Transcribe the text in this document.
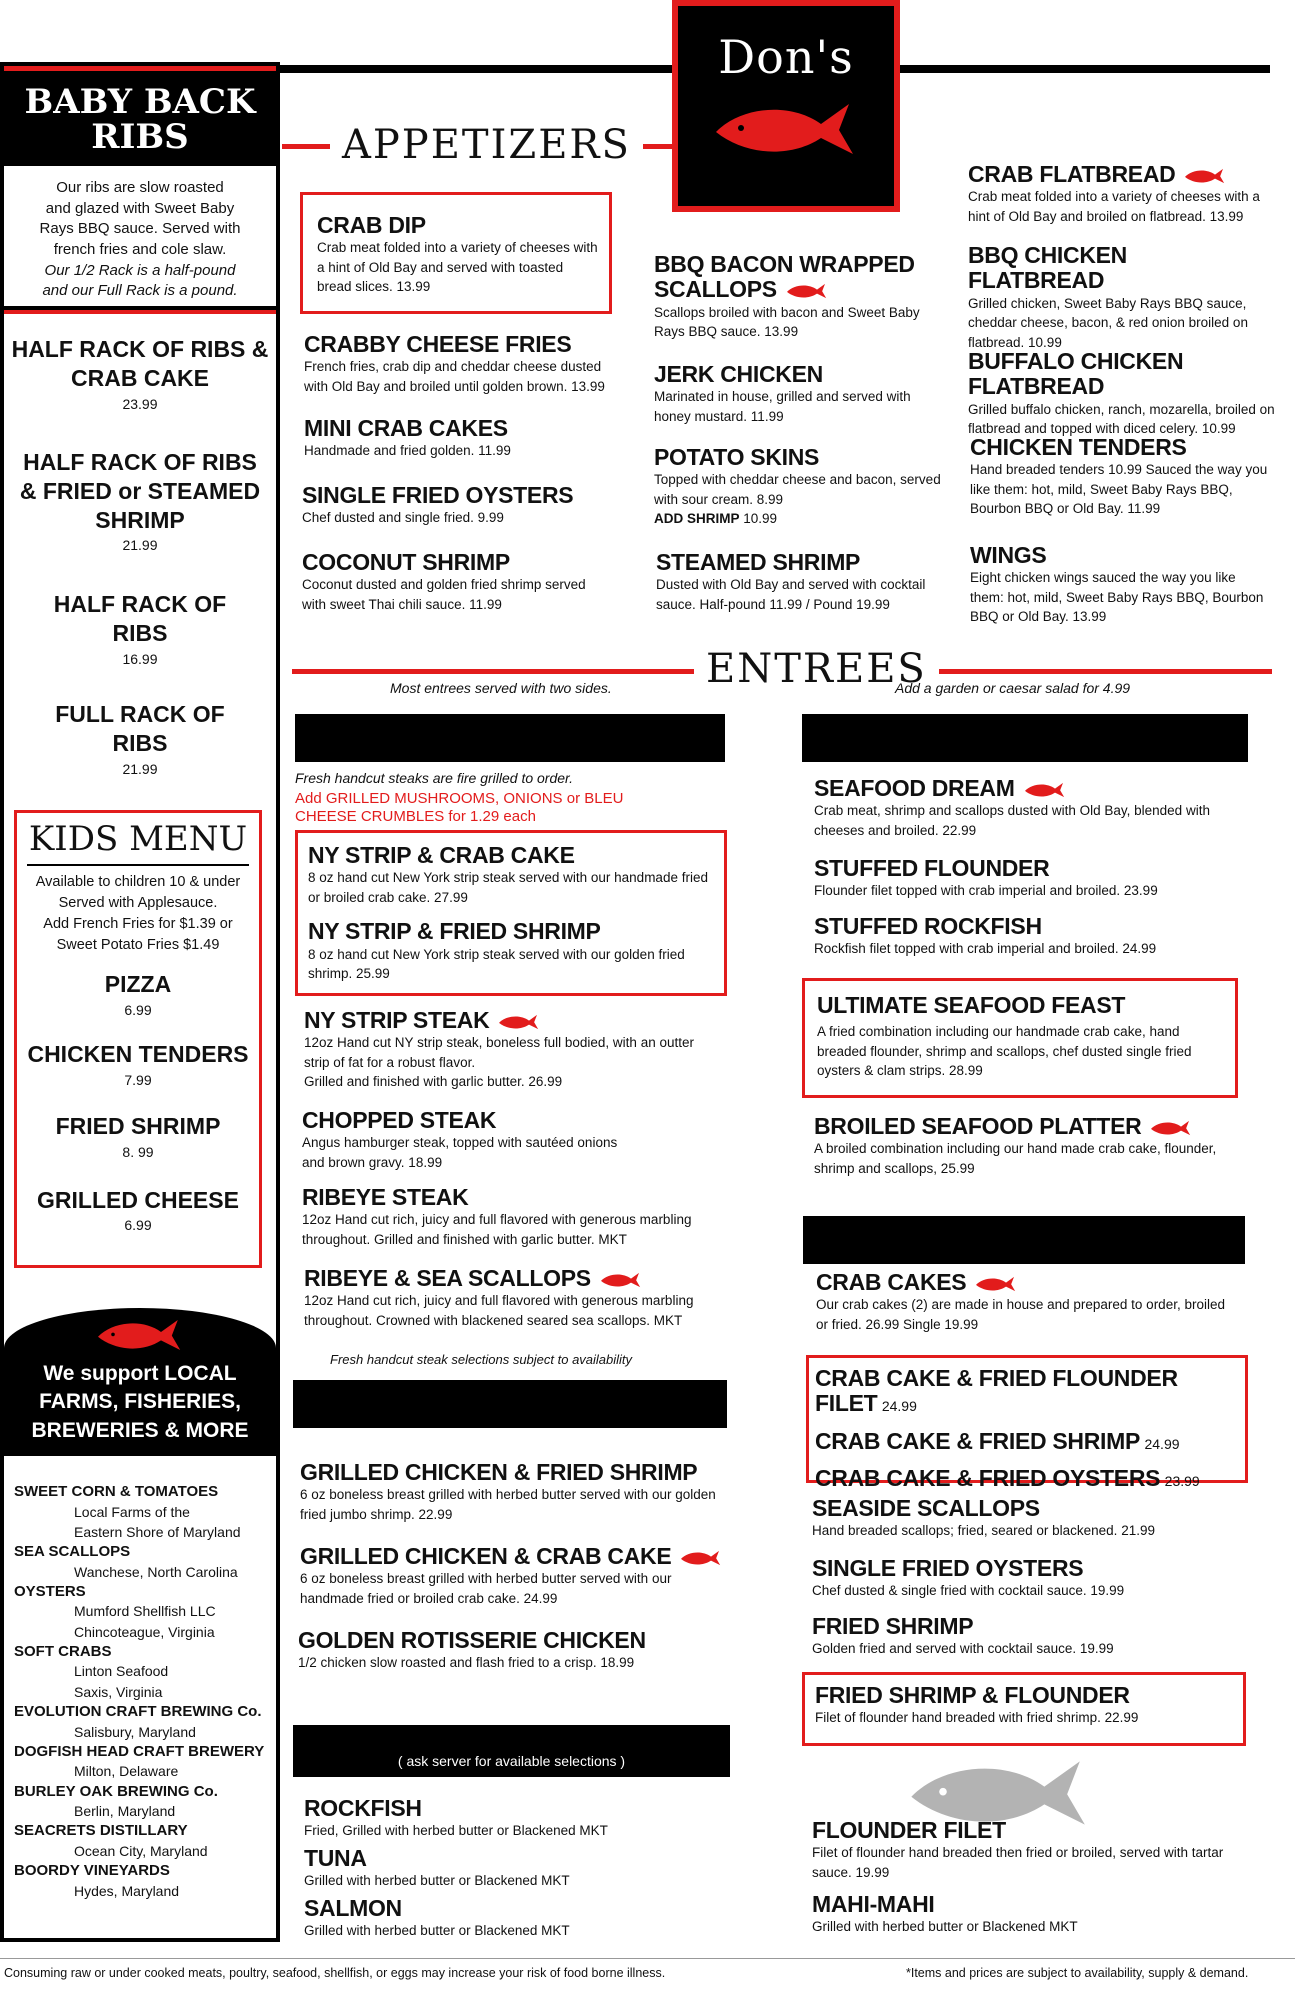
Don's
BABY BACK
RIBS
Our ribs are slow roasted
and glazed with Sweet Baby
Rays BBQ sauce. Served with
french fries and cole slaw.
Our 1/2 Rack is a half-pound
and our Full Rack is a pound.
HALF RACK OF RIBS &
CRAB CAKE
23.99
HALF RACK OF RIBS
& FRIED or STEAMED
SHRIMP
21.99
HALF RACK OF
RIBS
16.99
FULL RACK OF
RIBS
21.99
KIDS MENU
Available to children 10 & under
Served with Applesauce.
Add French Fries for $1.39 or
Sweet Potato Fries $1.49
PIZZA
6.99
CHICKEN TENDERS
7.99
FRIED SHRIMP
8. 99
GRILLED CHEESE
6.99
We support LOCAL
FARMS, FISHERIES,
BREWERIES & MORE
SWEET CORN & TOMATOES
Local Farms of the
Eastern Shore of Maryland
SEA SCALLOPS
Wanchese, North Carolina
OYSTERS
Mumford Shellfish LLC
Chincoteague, Virginia
SOFT CRABS
Linton Seafood
Saxis, Virginia
EVOLUTION CRAFT BREWING Co.
Salisbury, Maryland
DOGFISH HEAD CRAFT BREWERY
Milton, Delaware
BURLEY OAK BREWING Co.
Berlin, Maryland
SEACRETS DISTILLARY
Ocean City, Maryland
BOORDY VINEYARDS
Hydes, Maryland
APPETIZERS
CRAB DIP
Crab meat folded into a variety of cheeses with a hint of Old Bay and served with toasted bread slices. 13.99
CRABBY CHEESE FRIES
French fries, crab dip and cheddar cheese dusted with Old Bay and broiled until golden brown. 13.99
MINI CRAB CAKES
Handmade and fried golden. 11.99
SINGLE FRIED OYSTERS
Chef dusted and single fried. 9.99
COCONUT SHRIMP
Coconut dusted and golden fried shrimp served with sweet Thai chili sauce. 11.99
BBQ BACON WRAPPED SCALLOPS
Scallops broiled with bacon and Sweet Baby Rays BBQ sauce. 13.99
JERK CHICKEN
Marinated in house, grilled and served with honey mustard. 11.99
POTATO SKINS
Topped with cheddar cheese and bacon, served with sour cream. 8.99
ADD SHRIMP 10.99
STEAMED SHRIMP
Dusted with Old Bay and served with cocktail sauce. Half-pound 11.99 / Pound 19.99
CRAB FLATBREAD
Crab meat folded into a variety of cheeses with a hint of Old Bay and broiled on flatbread. 13.99
BBQ CHICKEN FLATBREAD
Grilled chicken, Sweet Baby Rays BBQ sauce, cheddar cheese, bacon, & red onion broiled on flatbread. 10.99
BUFFALO CHICKEN FLATBREAD
Grilled buffalo chicken, ranch, mozarella, broiled on flatbread and topped with diced celery. 10.99
CHICKEN TENDERS
Hand breaded tenders 10.99 Sauced the way you like them: hot, mild, Sweet Baby Rays BBQ, Bourbon BBQ or Old Bay. 11.99
WINGS
Eight chicken wings sauced the way you like them: hot, mild, Sweet Baby Rays BBQ, Bourbon BBQ or Old Bay. 13.99
ENTREES
Most entrees served with two sides.	Add a garden or caesar salad for 4.99
Fresh handcut steaks are fire grilled to order.
Add GRILLED MUSHROOMS, ONIONS or BLEU CHEESE CRUMBLES for 1.29 each
NY STRIP & CRAB CAKE
8 oz hand cut New York strip steak served with our handmade fried or broiled crab cake. 27.99
NY STRIP & FRIED SHRIMP
8 oz hand cut New York strip steak served with our golden fried shrimp. 25.99
NY STRIP STEAK
12oz Hand cut NY strip steak, boneless full bodied, with an outter strip of fat for a robust flavor.
Grilled and finished with garlic butter. 26.99
CHOPPED STEAK
Angus hamburger steak, topped with sautéed onions and brown gravy. 18.99
RIBEYE STEAK
12oz Hand cut rich, juicy and full flavored with generous marbling throughout. Grilled and finished with garlic butter. MKT
RIBEYE & SEA SCALLOPS
12oz Hand cut rich, juicy and full flavored with generous marbling throughout. Crowned with blackened seared sea scallops. MKT
Fresh handcut steak selections subject to availability
GRILLED CHICKEN & FRIED SHRIMP
6 oz boneless breast grilled with herbed butter served with our golden fried jumbo shrimp. 22.99
GRILLED CHICKEN & CRAB CAKE
6 oz boneless breast grilled with herbed butter served with our handmade fried or broiled crab cake. 24.99
GOLDEN ROTISSERIE CHICKEN
1/2 chicken slow roasted and flash fried to a crisp. 18.99
( ask server for available selections )
ROCKFISH
Fried, Grilled with herbed butter or Blackened MKT
TUNA
Grilled with herbed butter or Blackened MKT
SALMON
Grilled with herbed butter or Blackened MKT
SEAFOOD DREAM
Crab meat, shrimp and scallops dusted with Old Bay, blended with cheeses and broiled. 22.99
STUFFED FLOUNDER
Flounder filet topped with crab imperial and broiled. 23.99
STUFFED ROCKFISH
Rockfish filet topped with crab imperial and broiled. 24.99
ULTIMATE SEAFOOD FEAST
A fried combination including our handmade crab cake, hand breaded flounder, shrimp and scallops, chef dusted single fried oysters & clam strips. 28.99
BROILED SEAFOOD PLATTER
A broiled combination including our hand made crab cake, flounder, shrimp and scallops, 25.99
CRAB CAKES
Our crab cakes (2) are made in house and prepared to order, broiled or fried. 26.99 Single 19.99
CRAB CAKE & FRIED FLOUNDER FILET 24.99
CRAB CAKE & FRIED SHRIMP 24.99
CRAB CAKE & FRIED OYSTERS 23.99
SEASIDE SCALLOPS
Hand breaded scallops; fried, seared or blackened. 21.99
SINGLE FRIED OYSTERS
Chef dusted & single fried with cocktail sauce. 19.99
FRIED SHRIMP
Golden fried and served with cocktail sauce. 19.99
FRIED SHRIMP & FLOUNDER
Filet of flounder hand breaded with fried shrimp. 22.99
FLOUNDER FILET
Filet of flounder hand breaded then fried or broiled, served with tartar sauce. 19.99
MAHI-MAHI
Grilled with herbed butter or Blackened MKT
Consuming raw or under cooked meats, poultry, seafood, shellfish, or eggs may increase your risk of food borne illness.	*Items and prices are subject to availability, supply & demand.
